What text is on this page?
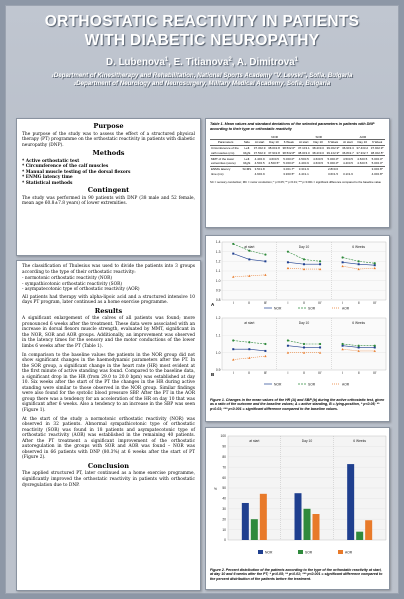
ORTHOSTATIC REACTIVITY IN PATIENTS
WITH DIABETIC NEUROPATHY
D. Lubenova$^1$, E. Titianova$^2$, A. Dimitrova$^1$
$^1$Department of Kinesitherapy and Rehabilitation, National Sports Academy "V. Levski", Sofia, Bulgaria
$^2$Department of Neurology and Neurosurgery, Military Medical Academy, Sofia, Bulgaria
Purpose

The purpose of the study was to assess the effect of a structured physical therapy (PT) programme on the orthostatic reactivity in patients with diabetic neuropathy (DNP).

Methods
* Active orthostatic test
* Circumference of the calf muscles
* Manual muscle testing of the dorsal flexors
* ENMG latency time
* Statistical methods
Contingent

The study was performed in 90 patients with DNP (38 male and 52 female, mean age 60.8±7.8 years) of lower extremities.

The classification of Thulesius was used to divide the patients into 3 groups according to the type of their orthostatic reactivity:

- normotonic orthostatic reactivity (NOR)
- sympathicotonic orthostatic reactivity (SOR)
- asympatecotonic type of orthostatic reactivity (AOR)

All patients had therapy with alpha-lipoic acid and a structured intensive 10 days PT program, later continued as a home exercise programme.

Results

A significant enlargement of the calves of all patients was found; more pronounced 6 weeks after the treatment. These data were associated with an increase in dorsal flexors muscle strength, evaluated by MMT, significant in the NOR, SOR and AOR groups. Additionally, an improvement was observed in the latency times for the sensory and the motor conductions of the lower limbs 6 weeks after the PT (Table 1).

In comparison to the baseline values the patients in the NOR group did not show significant changes in the haemodynamic parameters after the PT. In the SOR group, a significant change in the heart rate (HR) most evident at the first minute of active standing was found. Compared to the baseline data, a significant drop in the HR (from 29.0 to 20.0 bpm) was established at day 10. Six weeks after the start of the PT the changes in the HR during active standing were similar to those observed in the NOR group. Similar findings were also found for the systolic blood pressure SBP. After the PT in the AOR group there was a tendency for an acceleration of the HR on day 10 that was significant after 6 weeks. Also a tendency to an increase in the SBP was seen (Figure 1).

At the start of the study a normotonic orthostatic reactivity (NOR) was observed in 32 patients. Abnormal sympathicotonic type of orthostatic reactivity (SOR) was found in 18 patients and asympatecotonic type of orthostatic reactivity (AOR) was established in the remaining 40 patients. After the PT treatment a significant improvement of the orthostatic autoregulation in the groups with SOR and AOR was found – NOR was observed in 66 patients with DNP (80.3%) at 6 weeks after the start of PT (Figure 2).

Conclusion

The applied structured PT, later continued as a home exercise programme, significantly improved the orthostatic reactivity in patients with orthostatic dysregulation due to DNP.

Table 1. Mean values and standard deviations of the selected parameters in patients with DNP according to their type or orthostatic reactivity
		NOR			SOR			AOR		
Parameters	Side	At start	Day 10	6 Week	At start	Day 10	6 Week	At start	Day 10	6 Week
Circumference of the	Left	37.3±2.9	38.0±2.8	38.5±2.6*	37.1±3.1	38.4±3.0	39.0±2.9*	36.9±3.3	37.4±3.2	37.9±2.9*
calf muscles (cm)	Right	37.5±2.9	37.9±2.8	38.5±2.8*	38.0±3.0	38.4±3.0	39.1±2.9*	36.8±2.7	37.3±2.7	38.0±2.5*
MMT of the lower	Left	4.4±0.9	4.6±0.5	5.0±0.0*	4.5±0.5	4.6±0.5	5.0±0.0*	4.5±0.5	4.6±0.5	5.0±0.0*
extremities (score)	Right	4.5±0.5	4.5±0.5*	5.0±0.0*	4.4±0.9	4.6±0.5	5.0±0.0*	4.4±0.5	4.6±0.5	5.0±0.0*
ENMG latency	SCMS	3.5±1.8		3.0±1.7*	3.3±1.9		2.8±0.6			3.0±0.8*
time (ms)		4.6±0.9		3.9±0.5*	4.4±1.1		3.6±1.5	3.1±1.6		4.0±0.8*
SC = sensory conduction; MC = motor conduction; * p<0.05; ** p<0.01; *** p<0.001 = significant difference compared to the baseline value
at start	Day 10	6 Weeks
1.4
1.3
1.2
1.1
1.0
0.9
0.8
I	II	III'	I	II	III'	I	II	III'
A
at start	Day 10	6 Weeks
1.2
1.1
1.0
0.9
I	II	III'	I	II	III'	I	II	III'
B
NOR
NOR
SOR
SOR
AOR
AOR
Figure 1. Changes in the mean values of the HR (A) and SBP (b) during the active orthostatic test, given as a ratio of the outcome and the baseline values; A = active standing, B = lying-position, * p<0.05; ** p<0.01; *** p<0.001 = significant difference compared to the baseline values.
100
90
80
70
60
50
40
30
20
10
0
%
at start	Day 10	6 Weeks
NOR	SOR	AOR
Figure 2. Percent distribution of the patients according to the type of the orthostatic reactivity at start, at day 10 and 6 weeks after the PT; * p<0.05; ** p<0.01; *** p<0.001 = significant difference compared to the percent distribution of the patients before the treatment.
